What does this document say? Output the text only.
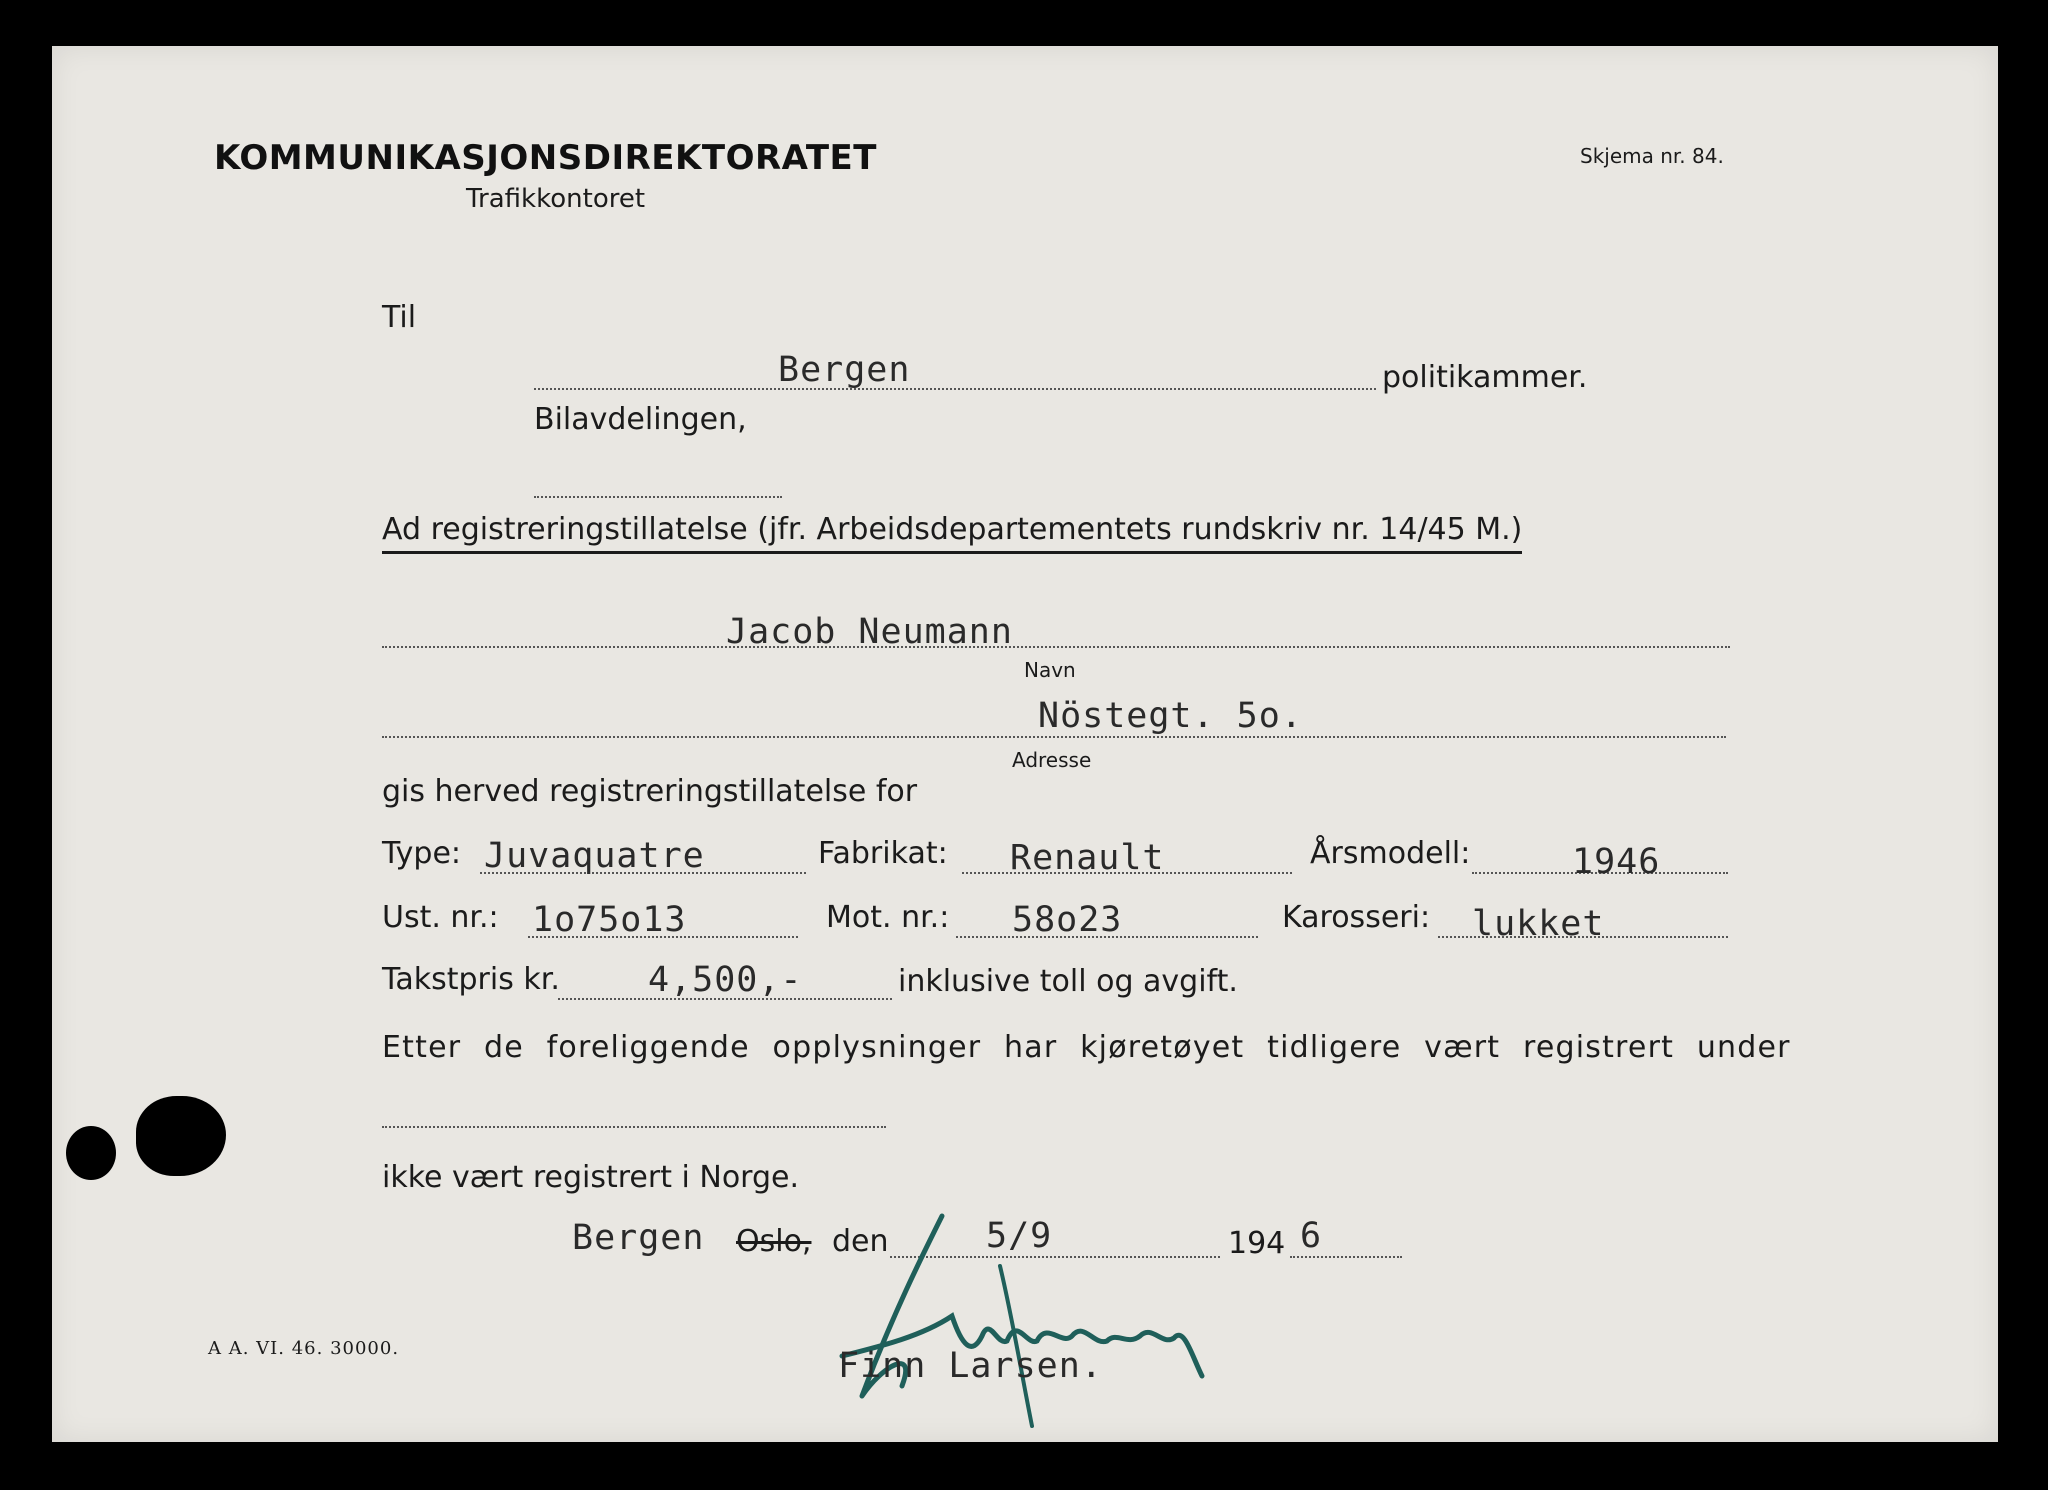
KOMMUNIKASJONSDIREKTORATET
Trafikkontoret
Skjema nr. 84.
Til
Bergen	politikammer.
Bilavdelingen,
Ad registreringstillatelse (jfr. Arbeidsdepartementets rundskriv nr. 14/45 M.)
Jacob Neumann
Navn
Nöstegt. 5o.
Adresse
gis herved registreringstillatelse for
Type: Juvaquatre	Fabrikat: Renault	Årsmodell:	1946
Ust. nr.: 1o75o13	Mot. nr.: 58o23	Karosseri: lukket
Takstpris kr.	4,500,-	inklusive toll og avgift.
Etter de foreliggende opplysninger har kjøretøyet tidligere vært registrert under
ikke vært registrert i Norge.
Bergen Oslo, den	5/9	194 6
Finn Larsen.
A A. VI. 46. 30000.
